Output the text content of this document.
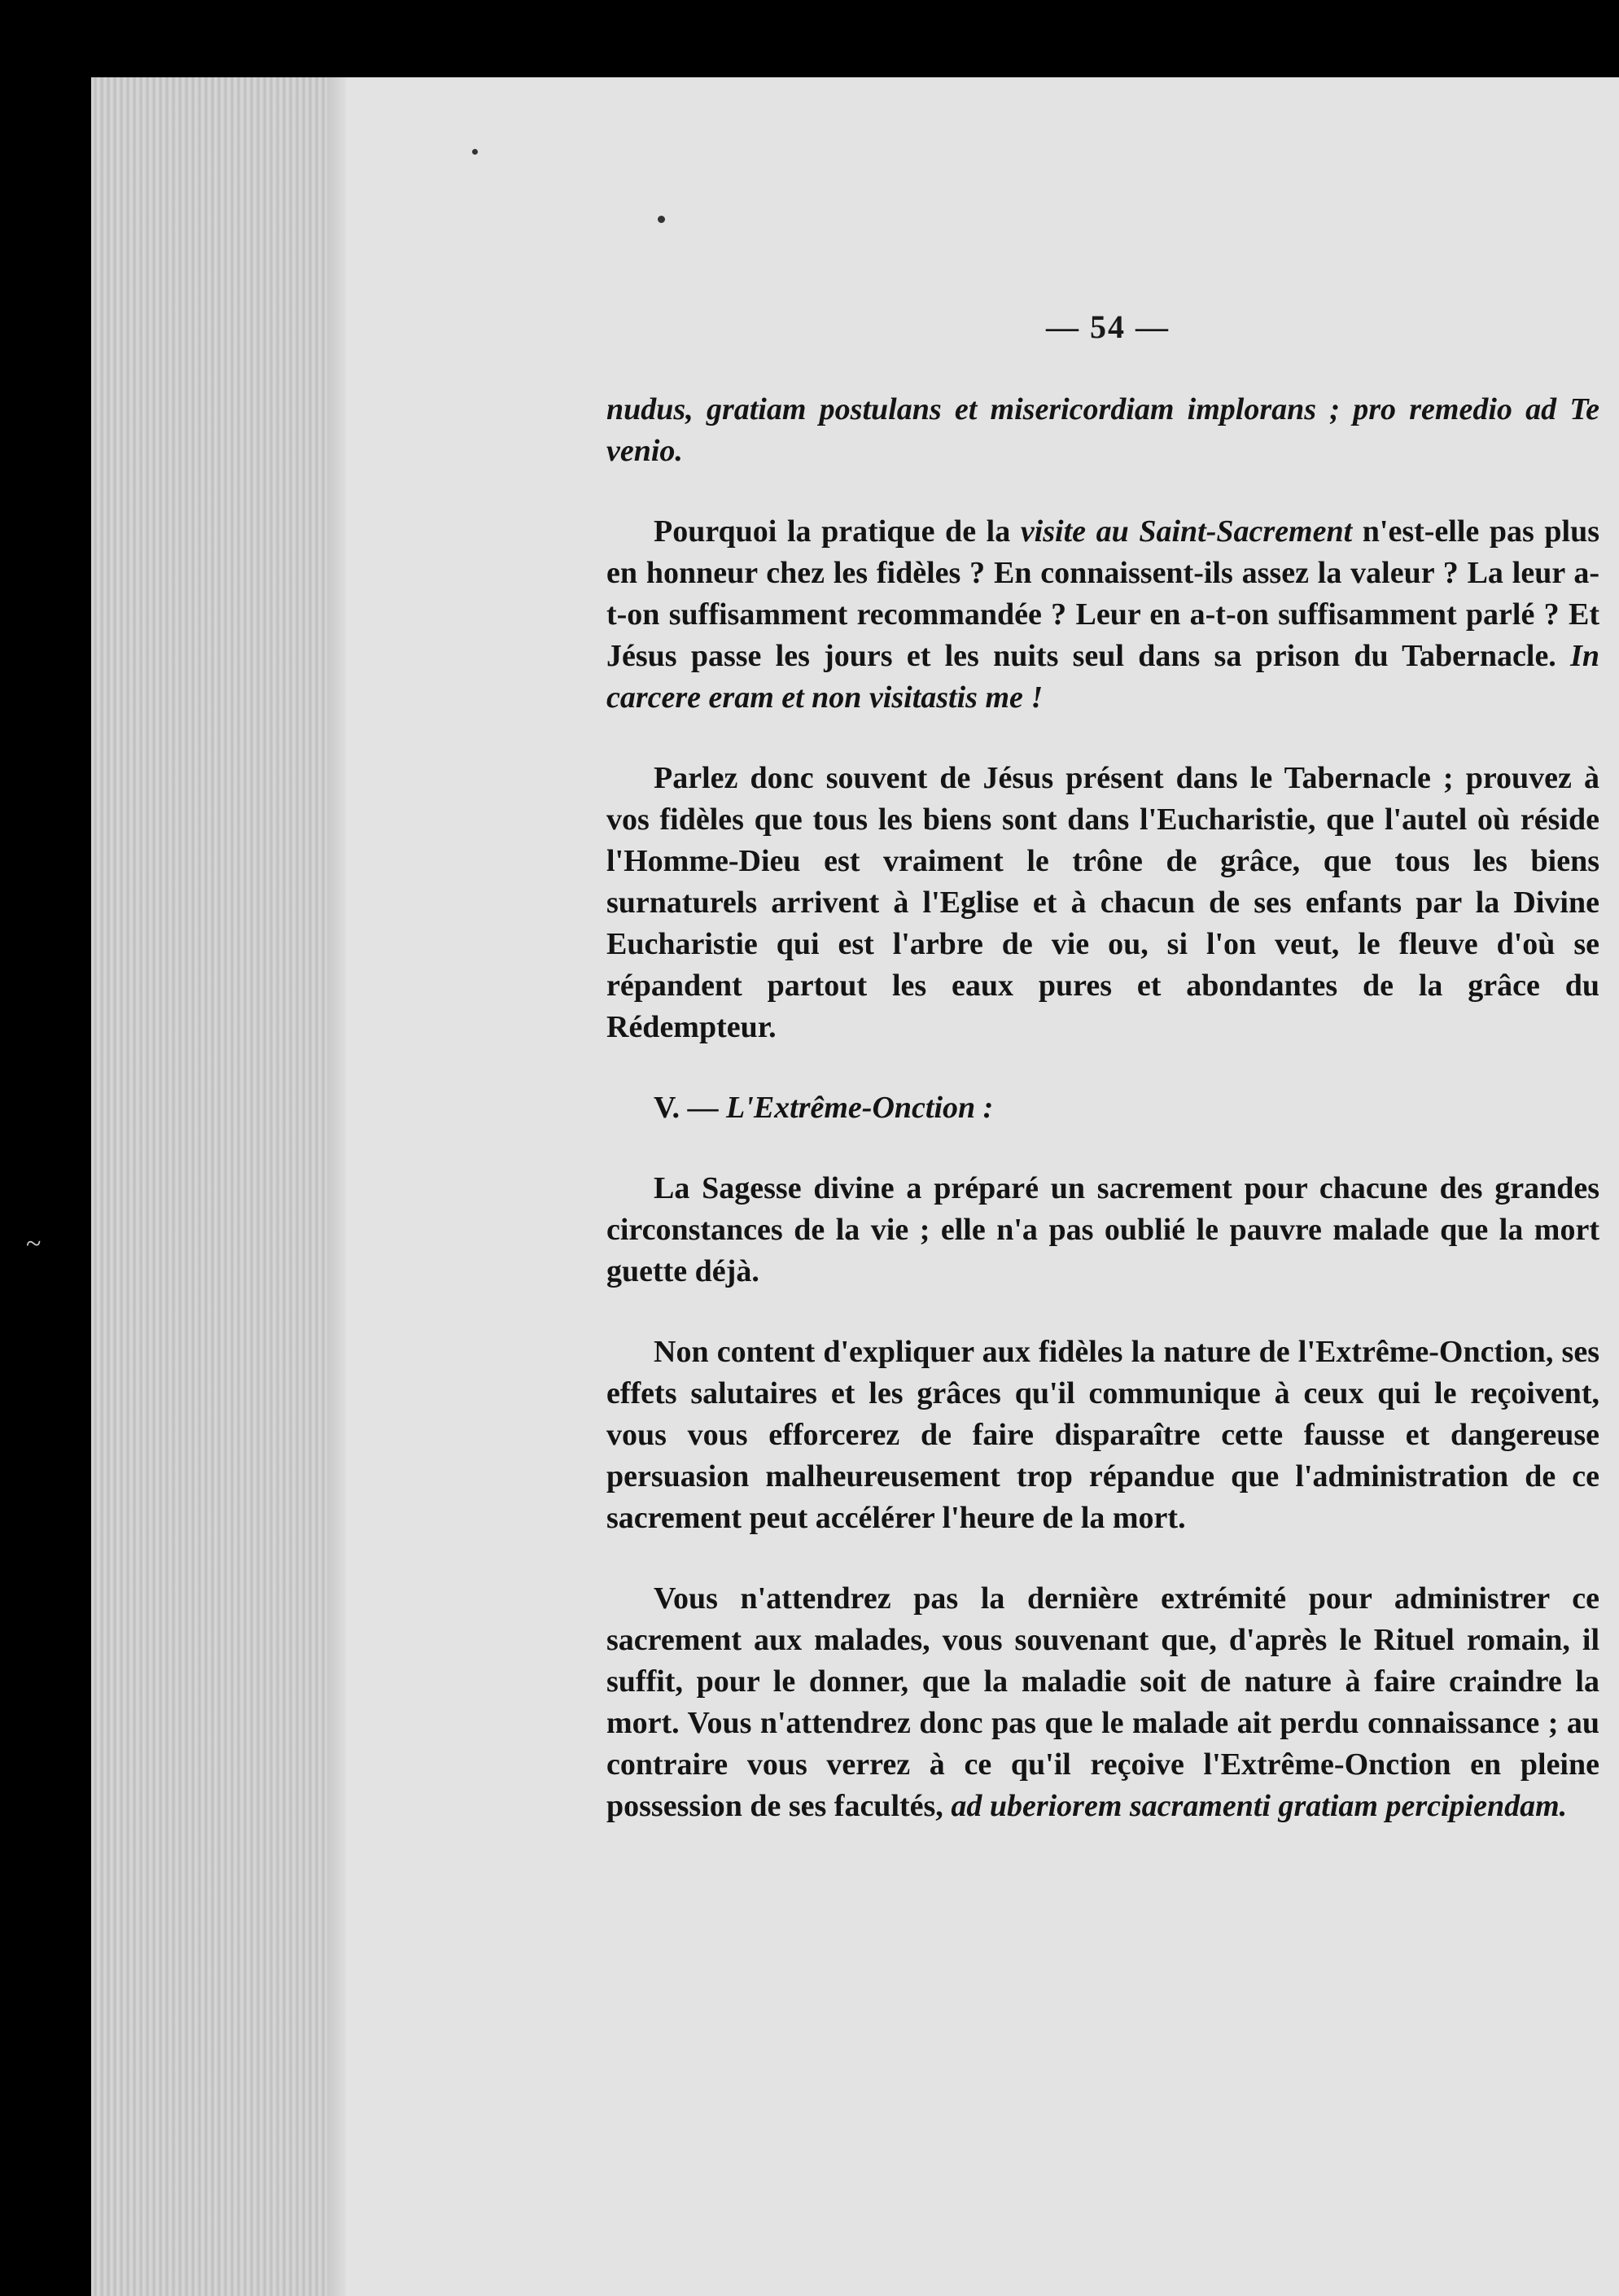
~
— 54 —

nudus, gratiam postulans et misericordiam implorans ; pro remedio ad Te venio.

Pourquoi la pratique de la visite au Saint-Sacrement n'est-elle pas plus en honneur chez les fidèles ? En connaissent-ils assez la valeur ? La leur a-t-on suffisamment recommandée ? Leur en a-t-on suffisamment parlé ? Et Jésus passe les jours et les nuits seul dans sa prison du Tabernacle. In carcere eram et non visitastis me !

Parlez donc souvent de Jésus présent dans le Tabernacle ; prouvez à vos fidèles que tous les biens sont dans l'Eucharistie, que l'autel où réside l'Homme-Dieu est vraiment le trône de grâce, que tous les biens surnaturels arrivent à l'Eglise et à chacun de ses enfants par la Divine Eucharistie qui est l'arbre de vie ou, si l'on veut, le fleuve d'où se répandent partout les eaux pures et abondantes de la grâce du Rédempteur.

V. — L'Extrême-Onction :

La Sagesse divine a préparé un sacrement pour chacune des grandes circonstances de la vie ; elle n'a pas oublié le pauvre malade que la mort guette déjà.

Non content d'expliquer aux fidèles la nature de l'Extrême-Onction, ses effets salutaires et les grâces qu'il communique à ceux qui le reçoivent, vous vous efforcerez de faire disparaître cette fausse et dangereuse persuasion malheureusement trop répandue que l'administration de ce sacrement peut accélérer l'heure de la mort.

Vous n'attendrez pas la dernière extrémité pour administrer ce sacrement aux malades, vous souvenant que, d'après le Rituel romain, il suffit, pour le donner, que la maladie soit de nature à faire craindre la mort. Vous n'attendrez donc pas que le malade ait perdu connaissance ; au contraire vous verrez à ce qu'il reçoive l'Extrême-Onction en pleine possession de ses facultés, ad uberiorem sacramenti gratiam percipiendam.
